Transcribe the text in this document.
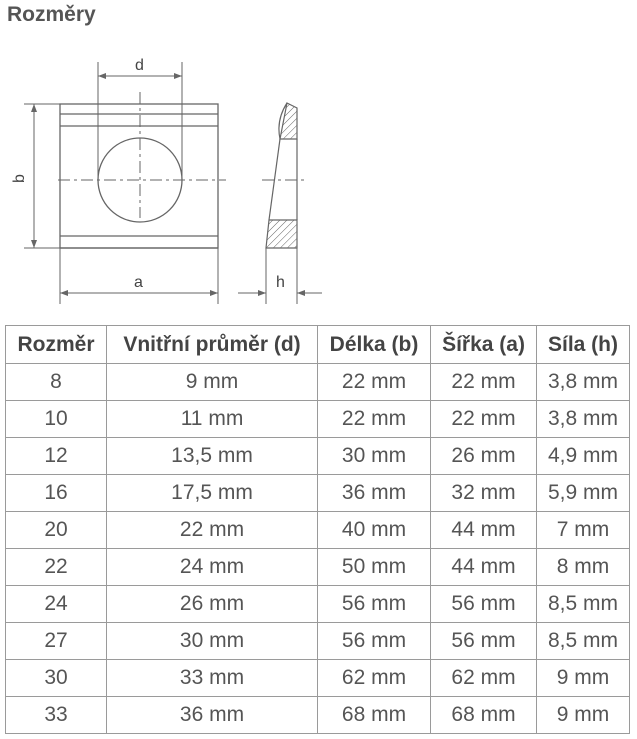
Rozměry
d
b
a	h
Rozměr	Vnitřní průměr (d)	Délka (b)	Šířka (a)	Síla (h)
8	9 mm	22 mm	22 mm	3,8 mm
10	11 mm	22 mm	22 mm	3,8 mm
12	13,5 mm	30 mm	26 mm	4,9 mm
16	17,5 mm	36 mm	32 mm	5,9 mm
20	22 mm	40 mm	44 mm	7 mm
22	24 mm	50 mm	44 mm	8 mm
24	26 mm	56 mm	56 mm	8,5 mm
27	30 mm	56 mm	56 mm	8,5 mm
30	33 mm	62 mm	62 mm	9 mm
33	36 mm	68 mm	68 mm	9 mm
